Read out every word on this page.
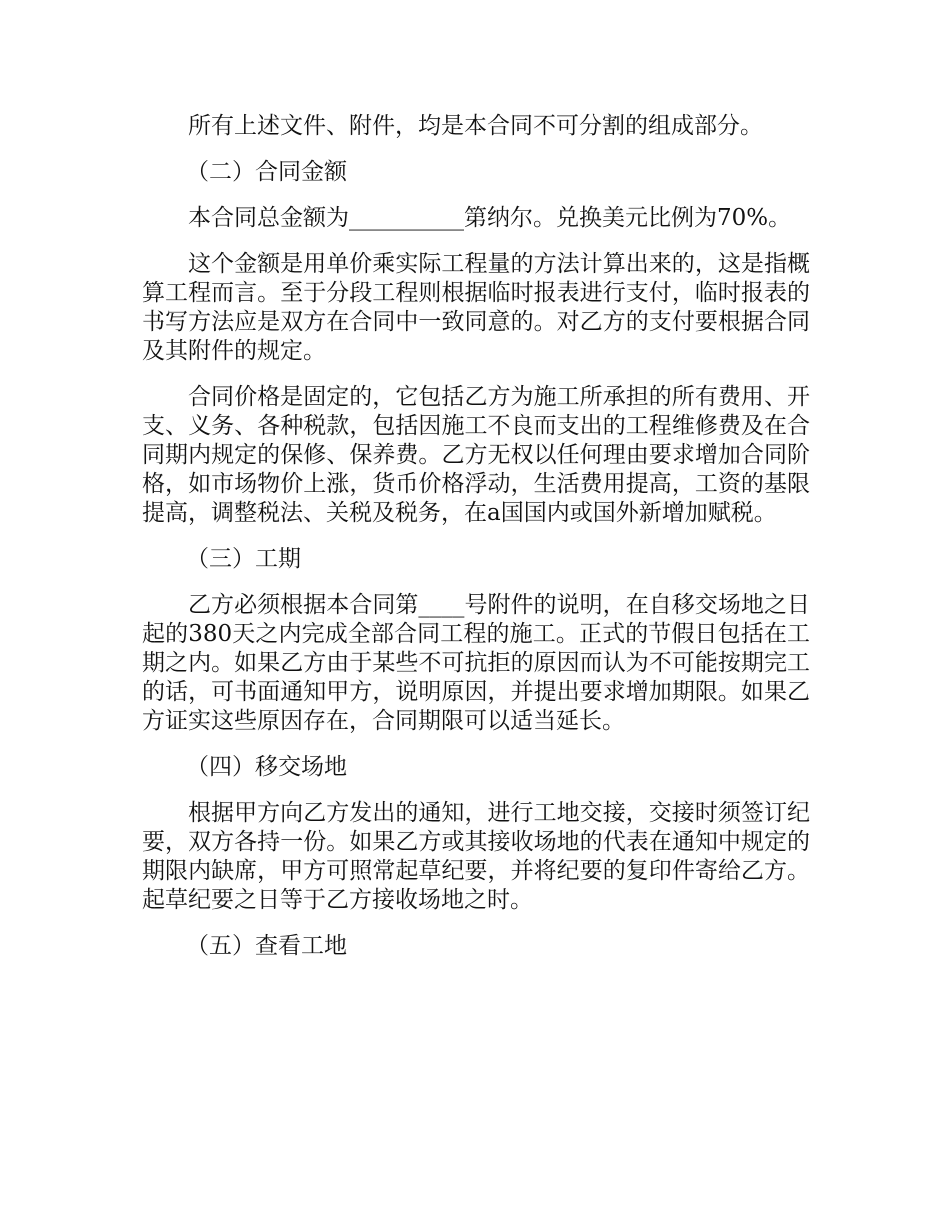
所有上述文件、附件，均是本合同不可分割的组成部分。

（二）合同金额

本合同总金额为__________第纳尔。兑换美元比例为70%。

这个金额是用单价乘实际工程量的方法计算出来的，这是指概算工程而言。至于分段工程则根据临时报表进行支付，临时报表的书写方法应是双方在合同中一致同意的。对乙方的支付要根据合同及其附件的规定。

合同价格是固定的，它包括乙方为施工所承担的所有费用、开支、义务、各种税款，包括因施工不良而支出的工程维修费及在合同期内规定的保修、保养费。乙方无权以任何理由要求增加合同阶格，如市场物价上涨，货币价格浮动，生活费用提高，工资的基限提高，调整税法、关税及税务，在a国国内或国外新增加赋税。

（三）工期

乙方必须根据本合同第____号附件的说明，在自移交场地之日起的380天之内完成全部合同工程的施工。正式的节假日包括在工期之内。如果乙方由于某些不可抗拒的原因而认为不可能按期完工的话，可书面通知甲方，说明原因，并提出要求增加期限。如果乙方证实这些原因存在，合同期限可以适当延长。

（四）移交场地

根据甲方向乙方发出的通知，进行工地交接，交接时须签订纪要，双方各持一份。如果乙方或其接收场地的代表在通知中规定的期限内缺席，甲方可照常起草纪要，并将纪要的复印件寄给乙方。起草纪要之日等于乙方接收场地之时。

（五）查看工地
